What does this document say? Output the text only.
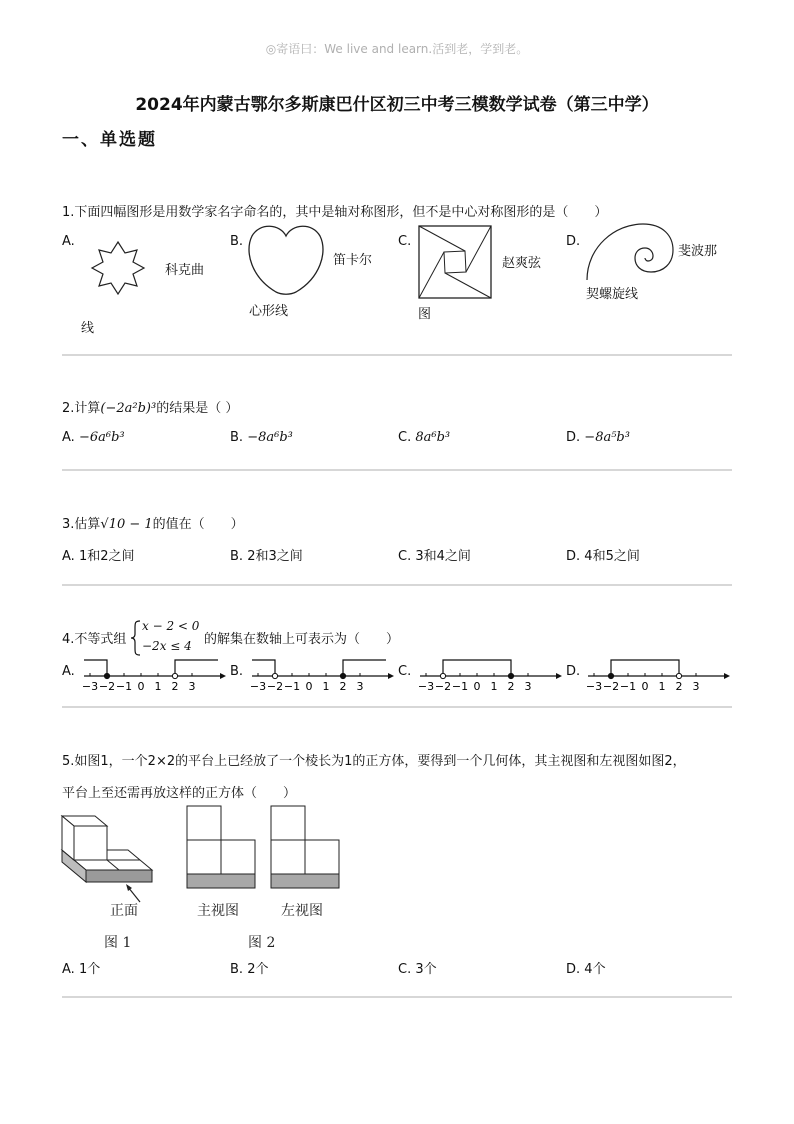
◎寄语曰：We live and learn.活到老，学到老。
2024年内蒙古鄂尔多斯康巴什区初三中考三模数学试卷（第三中学）
一、单选题
1.下面四幅图形是用数学家名字命名的，其中是轴对称图形，但不是中心对称图形的是（　　）
A.	B.	C.	D.
科克曲
线
笛卡尔
心形线
赵爽弦
图
斐波那
契螺旋线
2.计算(−2a²b)³的结果是（ ）
A. −6a⁶b³	B. −8a⁶b³	C. 8a⁶b³	D. −8a⁵b³
3.估算√10 − 1的值在（　　）
A. 1和2之间	B. 2和3之间	C. 3和4之间	D. 4和5之间
4.不等式组
x − 2 < 0
−2x ≤ 4 的解集在数轴上可表示为（　　）
A.	B.	C.	D.
−3 −2 −1 0 1 2 3	−3 −2 −1 0 1 2 3	−3 −2 −1 0 1 2 3	−3 −2 −1 0 1 2 3
5.如图1，一个2×2的平台上已经放了一个棱长为1的正方体，要得到一个几何体，其主视图和左视图如图2，
平台上至还需再放这样的正方体（　　）
正面	主视图	左视图
图 1	图 2
A. 1个	B. 2个	C. 3个	D. 4个
